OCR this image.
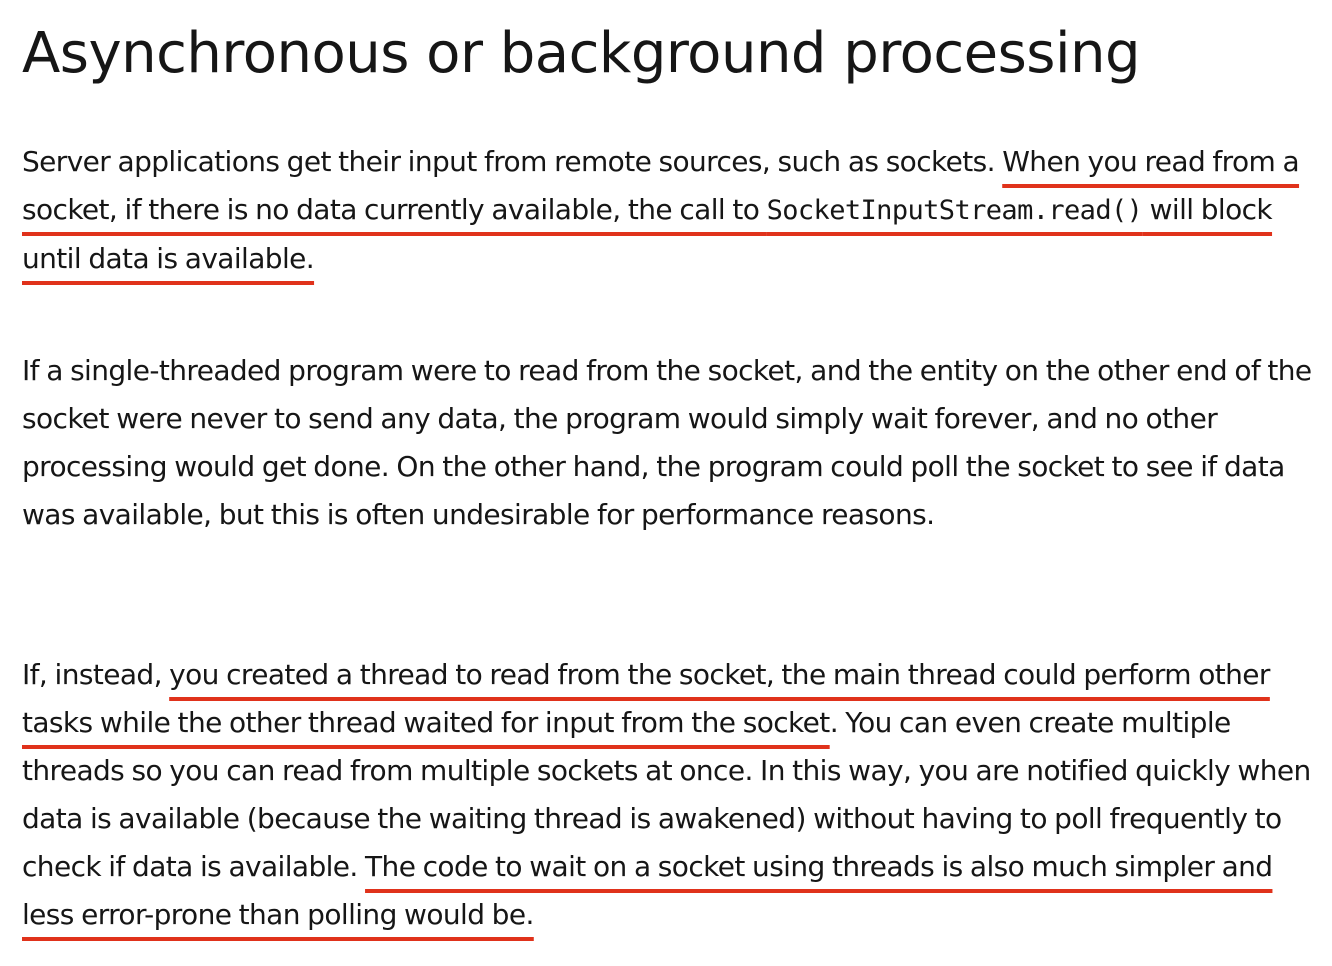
Asynchronous or background processing

Server applications get their input from remote sources, such as sockets. When you read from a socket, if there is no data currently available, the call to SocketInputStream.read() will block until data is available.

If a single-threaded program were to read from the socket, and the entity on the other end of the socket were never to send any data, the program would simply wait forever, and no other processing would get done. On the other hand, the program could poll the socket to see if data was available, but this is often undesirable for performance reasons.

If, instead, you created a thread to read from the socket, the main thread could perform other tasks while the other thread waited for input from the socket. You can even create multiple threads so you can read from multiple sockets at once. In this way, you are notified quickly when data is available (because the waiting thread is awakened) without having to poll frequently to check if data is available. The code to wait on a socket using threads is also much simpler and less error-prone than polling would be.
